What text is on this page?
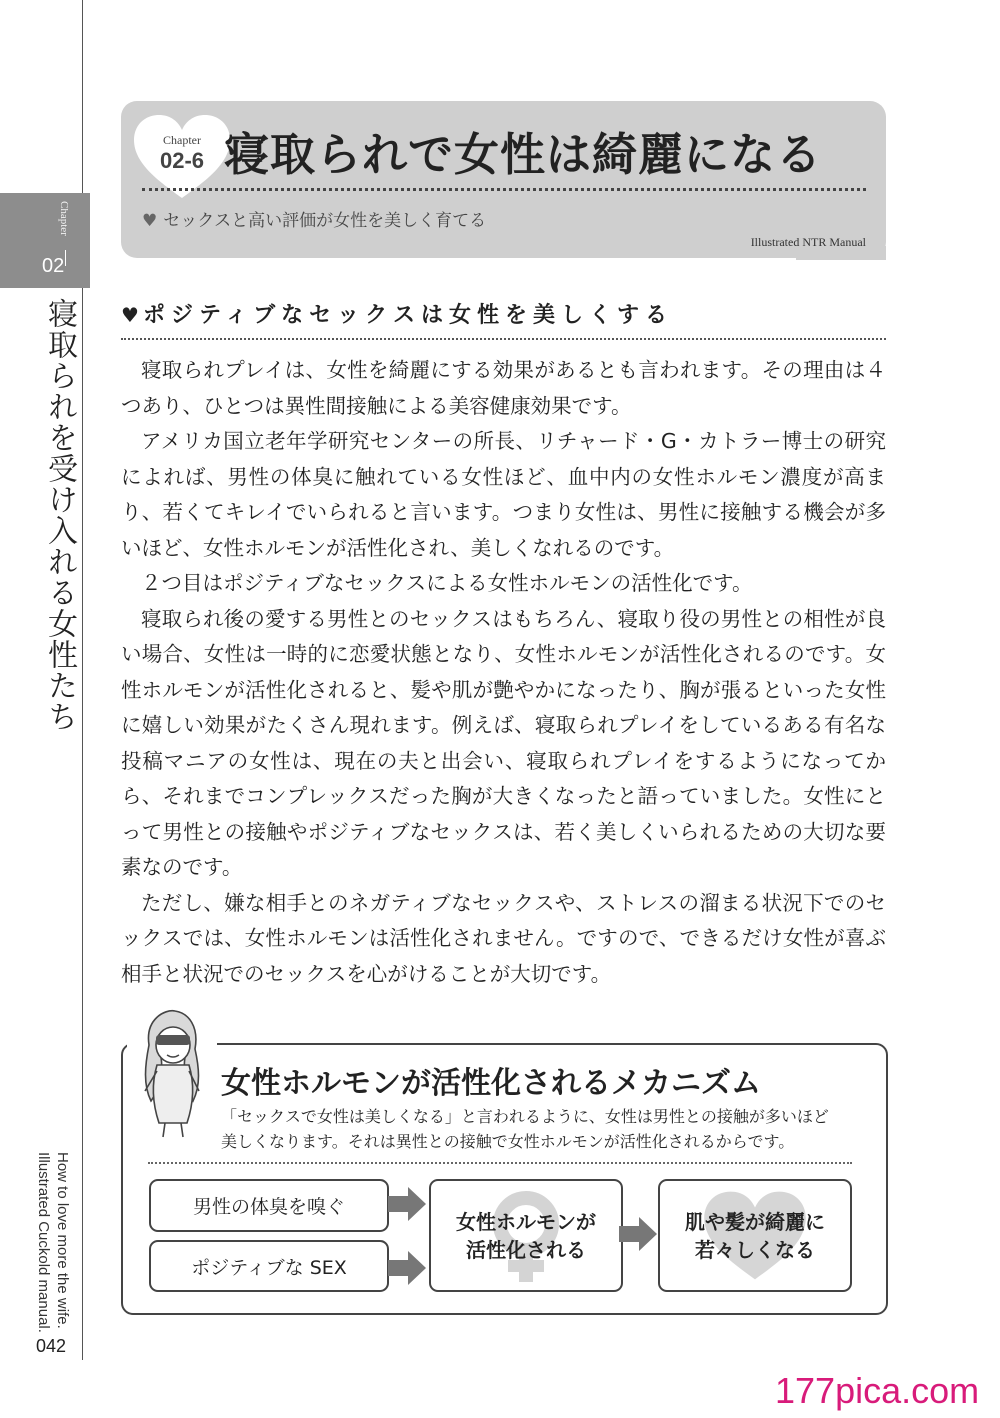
Chapter
02
寝取られを受け入れる女性たち
How to love more the wife.
Illustrated Cuckold manual.
042
Chapter
02-6 寝取られで女性は綺麗になる
♥ セックスと高い評価が女性を美しく育てる
Illustrated NTR Manual
♥ ポジティブなセックスは女性を美しくする

寝取られプレイは、女性を綺麗にする効果があるとも言われます。その理由は４つあり、ひとつは異性間接触による美容健康効果です。

アメリカ国立老年学研究センターの所長、リチャード・G・カトラー博士の研究によれば、男性の体臭に触れている女性ほど、血中内の女性ホルモン濃度が高まり、若くてキレイでいられると言います。つまり女性は、男性に接触する機会が多いほど、女性ホルモンが活性化され、美しくなれるのです。

２つ目はポジティブなセックスによる女性ホルモンの活性化です。

寝取られ後の愛する男性とのセックスはもちろん、寝取り役の男性との相性が良い場合、女性は一時的に恋愛状態となり、女性ホルモンが活性化されるのです。女性ホルモンが活性化されると、髪や肌が艶やかになったり、胸が張るといった女性に嬉しい効果がたくさん現れます。例えば、寝取られプレイをしているある有名な投稿マニアの女性は、現在の夫と出会い、寝取られプレイをするようになってから、それまでコンプレックスだった胸が大きくなったと語っていました。女性にとって男性との接触やポジティブなセックスは、若く美しくいられるための大切な要素なのです。

ただし、嫌な相手とのネガティブなセックスや、ストレスの溜まる状況下でのセックスでは、女性ホルモンは活性化されません。ですので、できるだけ女性が喜ぶ相手と状況でのセックスを心がけることが大切です。

女性ホルモンが活性化されるメカニズム
「セックスで女性は美しくなる」と言われるように、女性は男性との接触が多いほど
美しくなります。それは異性との接触で女性ホルモンが活性化されるからです。
男性の体臭を嗅ぐ
ポジティブな SEX
女性ホルモンが
活性化される
肌や髪が綺麗に
若々しくなる
177pica.com
